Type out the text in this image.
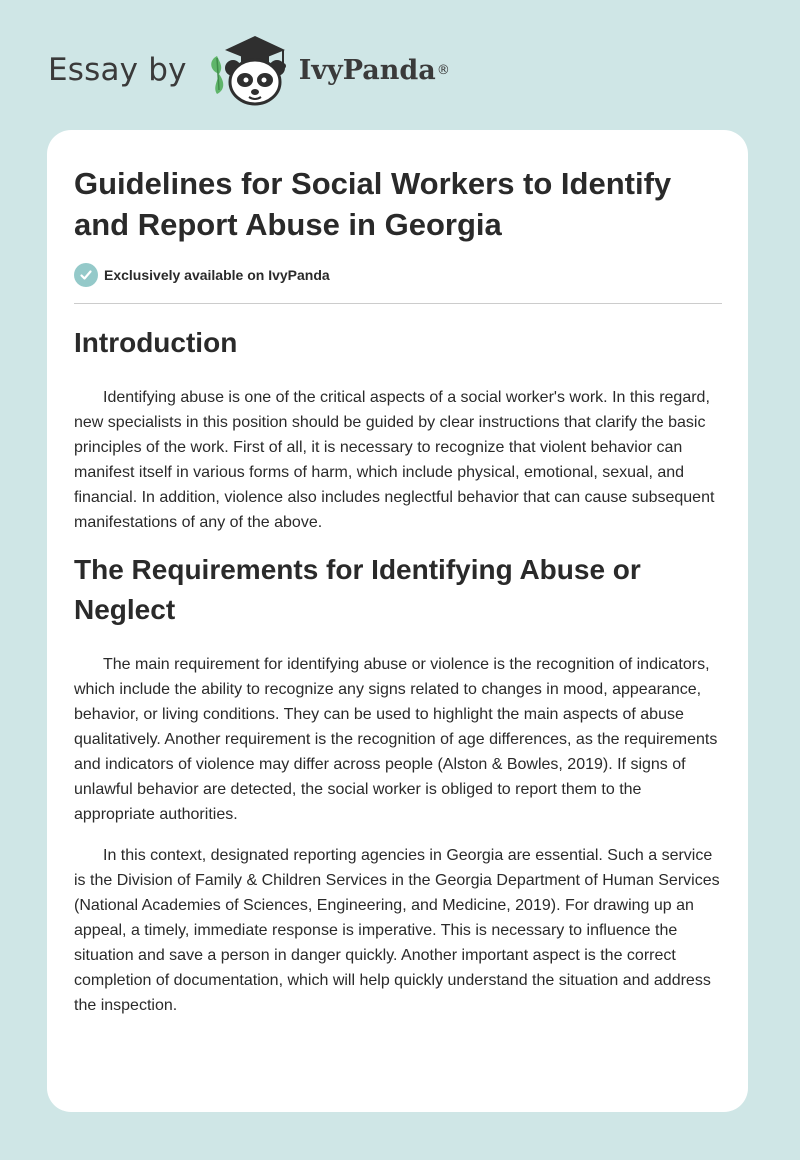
Essay by	IvyPanda ®
Guidelines for Social Workers to Identify and Report Abuse in Georgia
Exclusively available on IvyPanda
Introduction

Identifying abuse is one of the critical aspects of a social worker's work. In this regard, new specialists in this position should be guided by clear instructions that clarify the basic principles of the work. First of all, it is necessary to recognize that violent behavior can manifest itself in various forms of harm, which include physical, emotional, sexual, and financial. In addition, violence also includes neglectful behavior that can cause subsequent manifestations of any of the above.

The Requirements for Identifying Abuse or Neglect

The main requirement for identifying abuse or violence is the recognition of indicators, which include the ability to recognize any signs related to changes in mood, appearance, behavior, or living conditions. They can be used to highlight the main aspects of abuse qualitatively. Another requirement is the recognition of age differences, as the requirements and indicators of violence may differ across people (Alston & Bowles, 2019). If signs of unlawful behavior are detected, the social worker is obliged to report them to the appropriate authorities.

In this context, designated reporting agencies in Georgia are essential. Such a service is the Division of Family & Children Services in the Georgia Department of Human Services (National Academies of Sciences, Engineering, and Medicine, 2019). For drawing up an appeal, a timely, immediate response is imperative. This is necessary to influence the situation and save a person in danger quickly. Another important aspect is the correct completion of documentation, which will help quickly understand the situation and address the inspection.
